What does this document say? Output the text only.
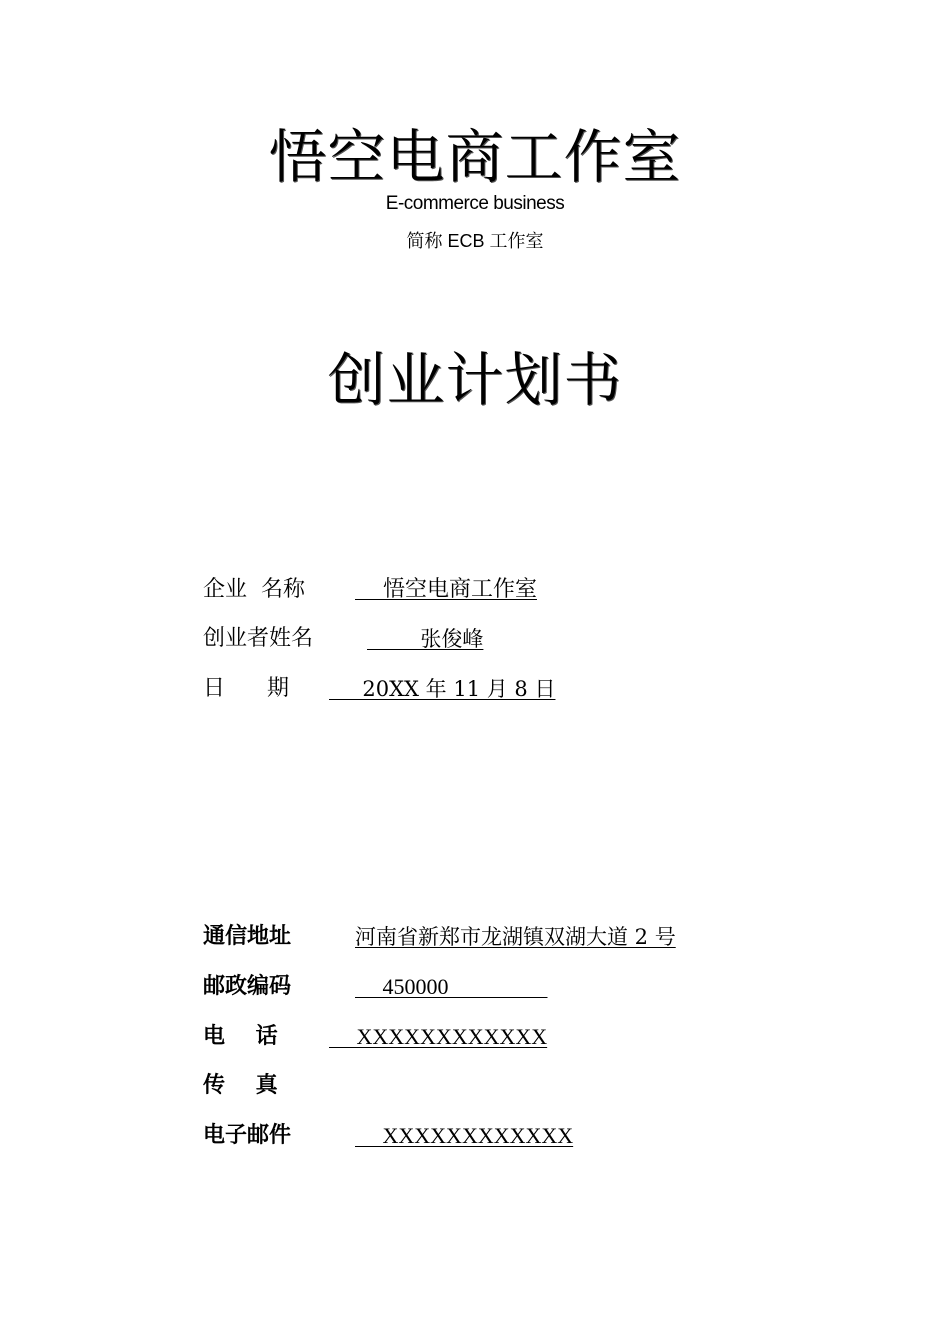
悟空电商工作室
E-commerce business
简称 ECB 工作室
创业计划书
企业  名称 悟空电商工作室
创业者姓名	张俊峰
日      期 20XX 年 11 月 8 日
通信地址	河南省新郑市龙湖镇双湖大道 2 号
邮政编码	450000
电    话 XXXXXXXXXXXX
传    真
电子邮件	XXXXXXXXXXXX
